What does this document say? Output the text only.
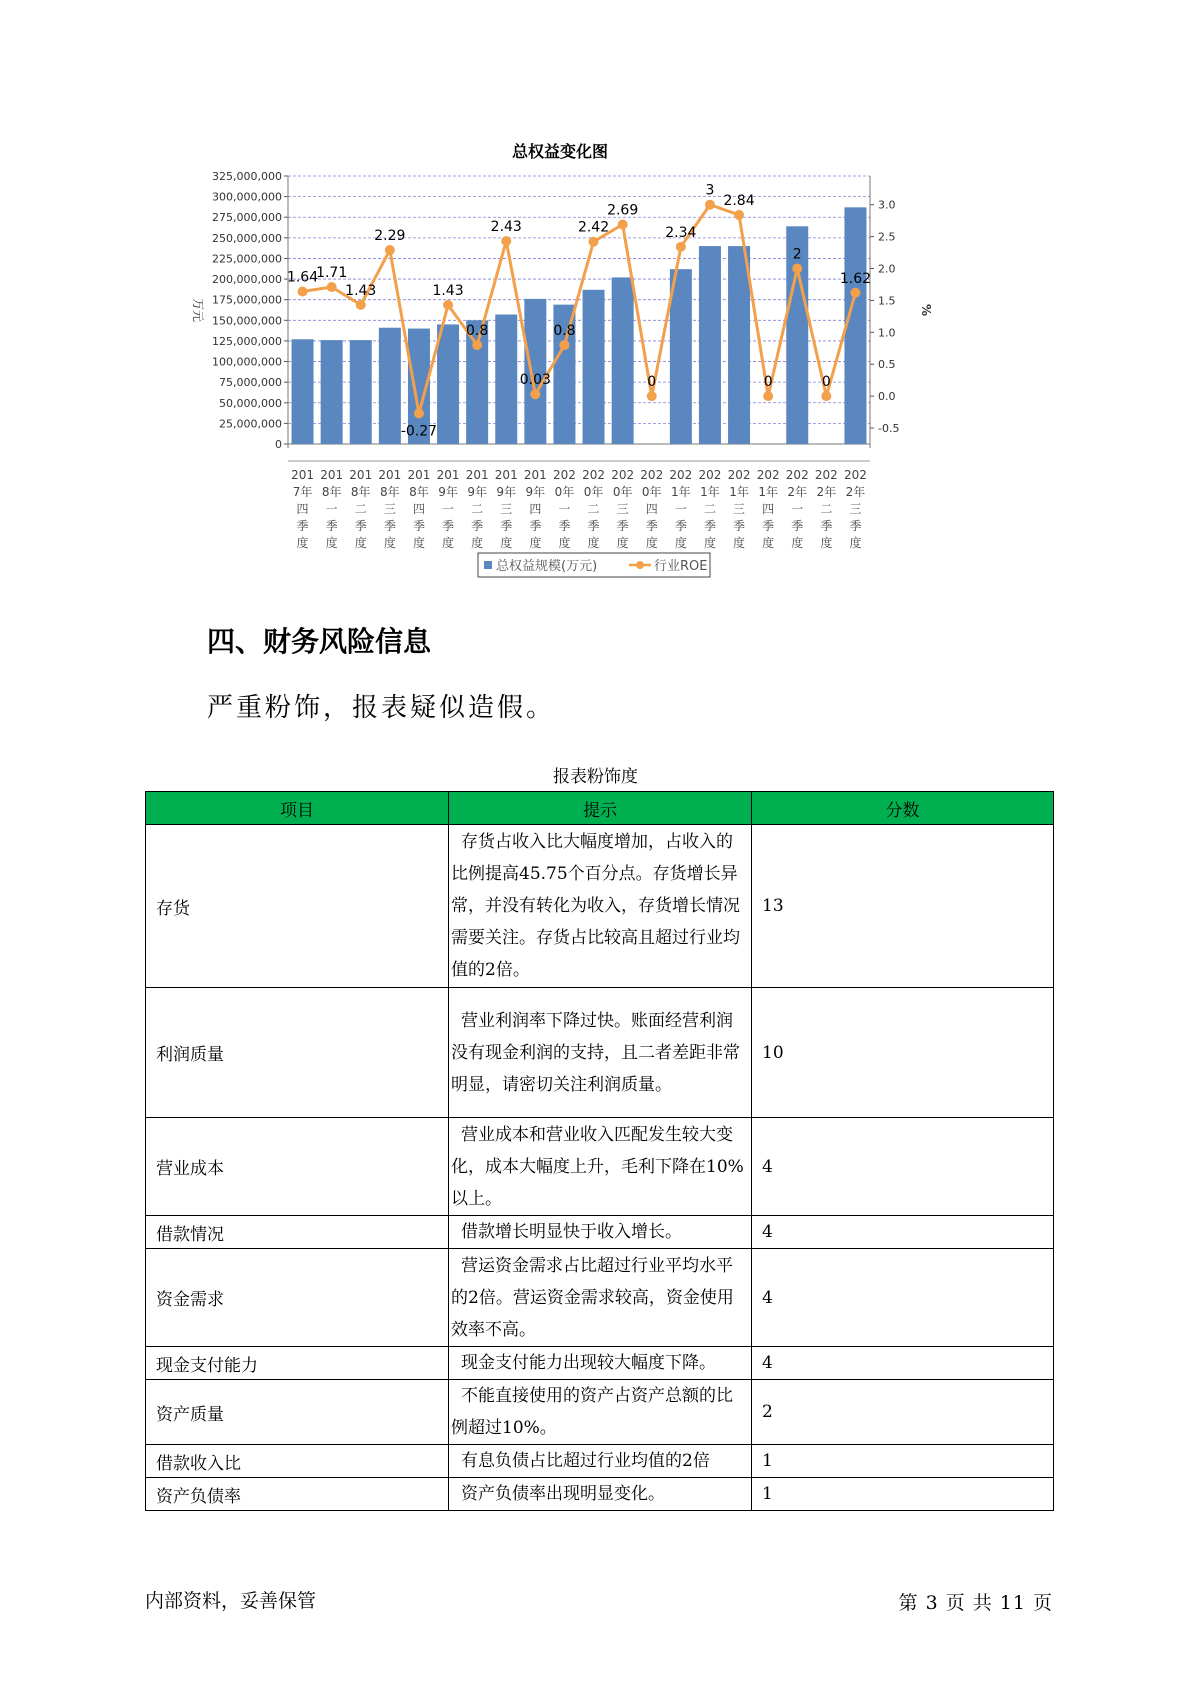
总权益变化图
0
25,000,000
50,000,000
75,000,000
100,000,000
125,000,000
150,000,000
175,000,000
200,000,000
225,000,000
250,000,000
275,000,000
300,000,000
325,000,000
-0.5
0.0
0.5
1.0
1.5
2.0
2.5
3.0
万元	%
1.64
1.71
1.43
2.29
-0.27
1.43
0.8
2.43
0.03
0.8
2.42
2.69
0
2.34
3
2.84
0
2
0
1.62
201
7年
四
季
度
201
8年
一
季
度
201
8年
二
季
度
201
8年
三
季
度
201
8年
四
季
度
201
9年
一
季
度
201
9年
二
季
度
201
9年
三
季
度
201
9年
四
季
度
202
0年
一
季
度
202
0年
二
季
度
202
0年
三
季
度
202
0年
四
季
度
202
1年
一
季
度
202
1年
二
季
度
202
1年
三
季
度
202
1年
四
季
度
202
2年
一
季
度
202
2年
二
季
度
202
2年
三
季
度
总权益规模(万元)	行业ROE
四、财务风险信息
严重粉饰，报表疑似造假。
报表粉饰度
项目	提示	分数
存货	存货占收入比大幅度增加，占收入的比例提高45.75个百分点。存货增长异常，并没有转化为收入，存货增长情况需要关注。存货占比较高且超过行业均值的2倍。	13
利润质量	营业利润率下降过快。账面经营利润没有现金利润的支持，且二者差距非常明显，请密切关注利润质量。	10
营业成本	营业成本和营业收入匹配发生较大变化，成本大幅度上升，毛利下降在10%以上。	4
借款情况	借款增长明显快于收入增长。	4
资金需求	营运资金需求占比超过行业平均水平的2倍。营运资金需求较高，资金使用效率不高。	4
现金支付能力	现金支付能力出现较大幅度下降。	4
资产质量	不能直接使用的资产占资产总额的比例超过10%。	2
借款收入比	有息负债占比超过行业均值的2倍	1
资产负债率	资产负债率出现明显变化。	1
内部资料，妥善保管	第 3 页 共 11 页
